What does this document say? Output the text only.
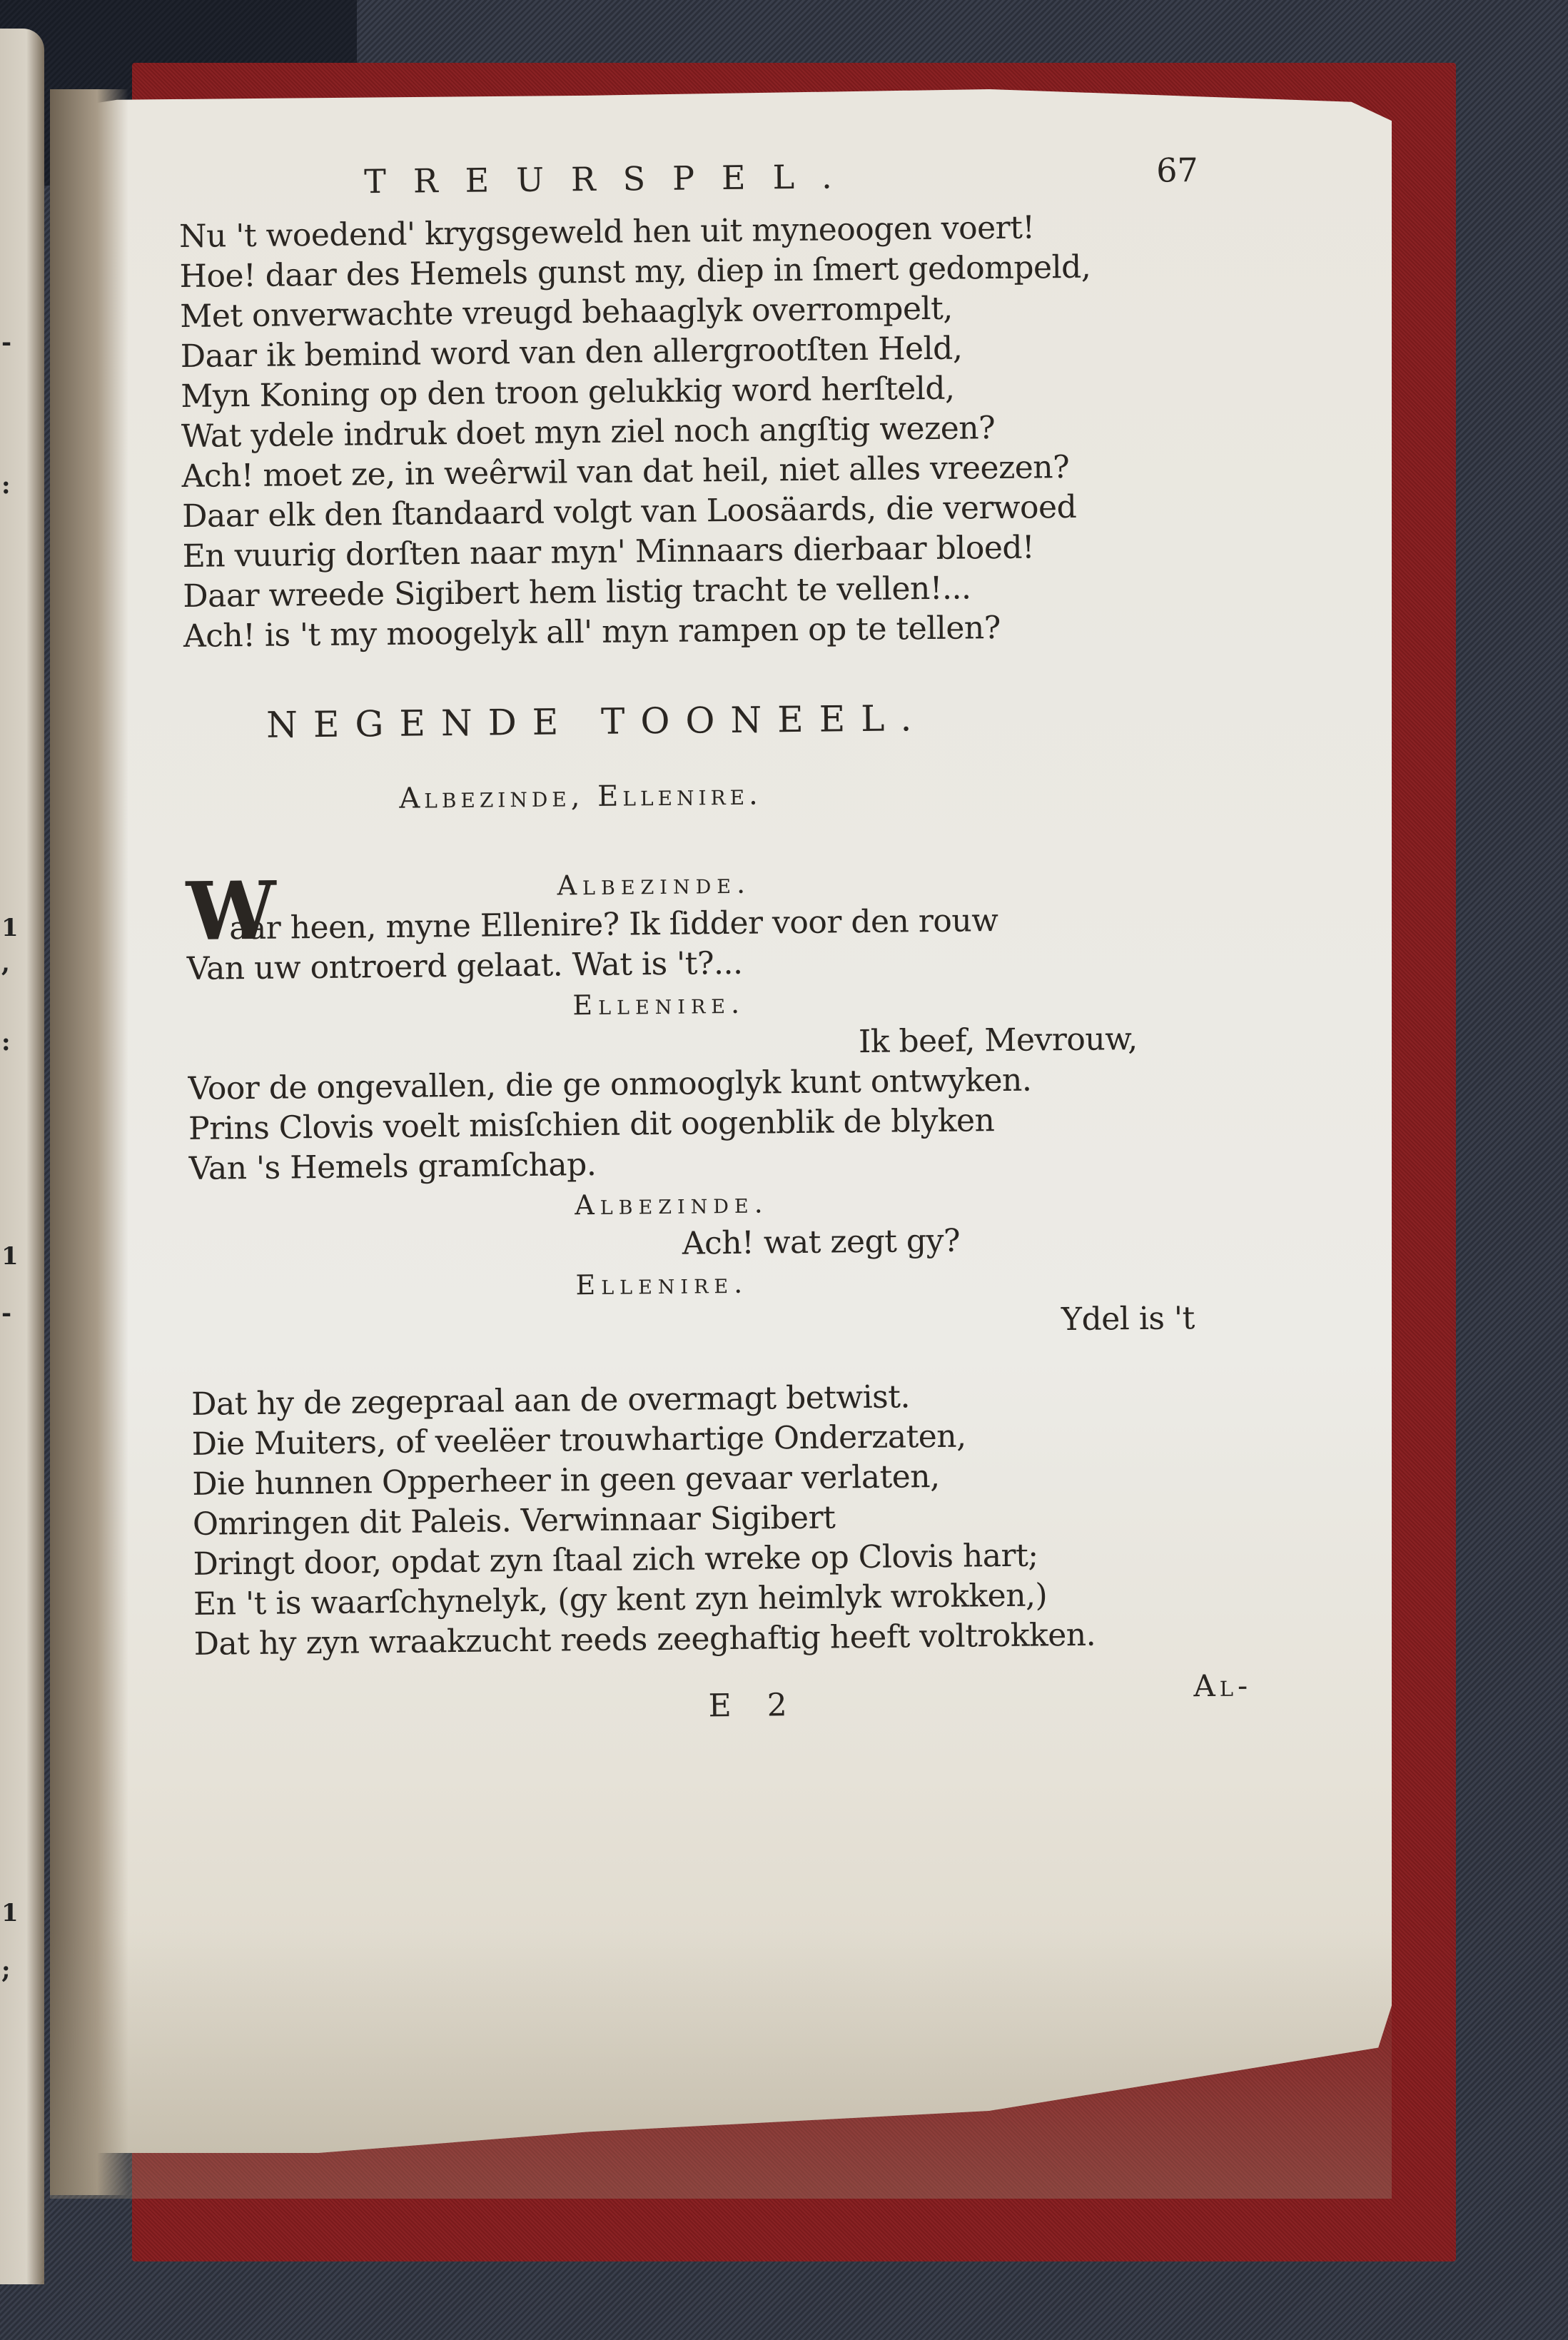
-
:
1
,
:
1
-
1
;
TREURSPEL.	67
Nu 't woedend' krygsgeweld hen uit myneoogen voert!
Hoe! daar des Hemels gunst my, diep in ſmert gedompeld,
Met onverwachte vreugd behaaglyk overrompelt,
Daar ik bemind word van den allergrootſten Held,
Myn Koning op den troon gelukkig word herſteld,
Wat ydele indruk doet myn ziel noch angſtig wezen?
Ach! moet ze, in weêrwil van dat heil, niet alles vreezen?
Daar elk den ſtandaard volgt van Loosäards, die verwoed
En vuurig dorſten naar myn' Minnaars dierbaar bloed!
Daar wreede Sigibert hem listig tracht te vellen!...
Ach! is 't my moogelyk all' myn rampen op te tellen?
NEGENDE TOONEEL.
Albezinde, Ellenire.
Albezinde.
W
aar heen, myne Ellenire? Ik ſidder voor den rouw
Van uw ontroerd gelaat. Wat is 't?...
Ellenire.
Ik beef, Mevrouw,
Voor de ongevallen, die ge onmooglyk kunt ontwyken.
Prins Clovis voelt misſchien dit oogenblik de blyken
Van 's Hemels gramſchap.
Albezinde.
Ach! wat zegt gy?
Ellenire.
Ydel is 't
Dat hy de zegepraal aan de overmagt betwist.
Die Muiters, of veelëer trouwhartige Onderzaten,
Die hunnen Opperheer in geen gevaar verlaten,
Omringen dit Paleis. Verwinnaar Sigibert
Dringt door, opdat zyn ſtaal zich wreke op Clovis hart;
En 't is waarſchynelyk, (gy kent zyn heimlyk wrokken,)
Dat hy zyn wraakzucht reeds zeeghaftig heeft voltrokken.
E 2
Al-
